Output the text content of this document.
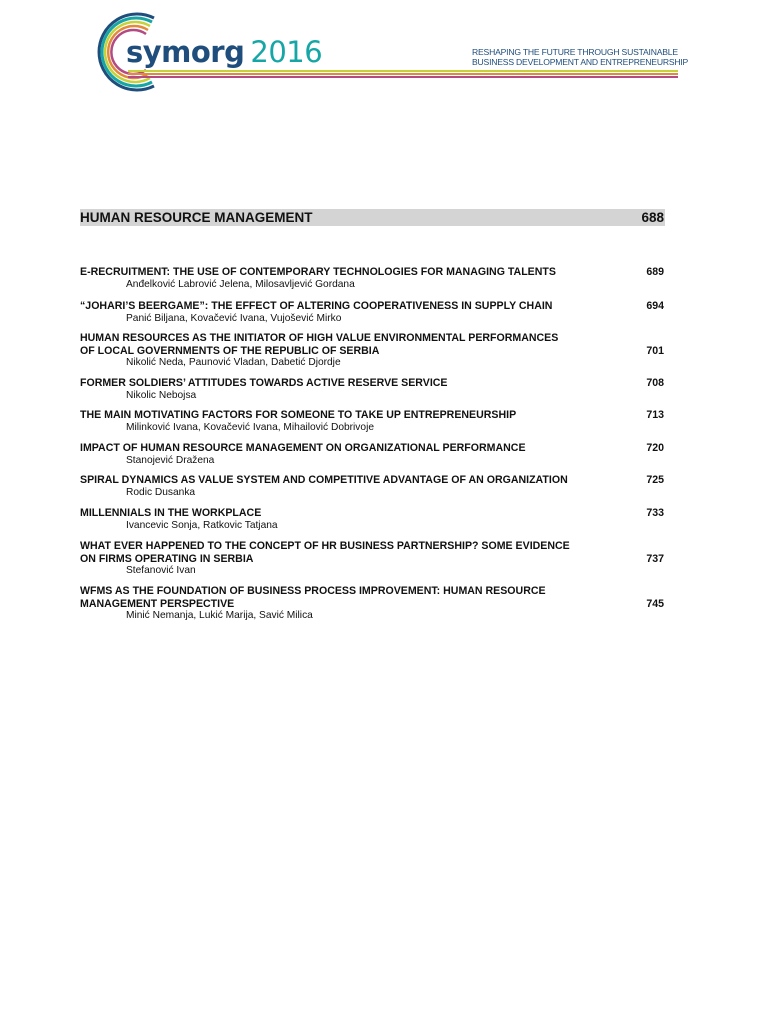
symorg 2016	RESHAPING THE FUTURE THROUGH SUSTAINABLE
BUSINESS DEVELOPMENT AND ENTREPRENEURSHIP
HUMAN RESOURCE MANAGEMENT	688
E-RECRUITMENT: THE USE OF CONTEMPORARY TECHNOLOGIES FOR MANAGING TALENTS
Anđelković Labrović Jelena, Milosavljević Gordana
689
“JOHARI’S BEERGAME”: THE EFFECT OF ALTERING COOPERATIVENESS IN SUPPLY CHAIN
Panić Biljana, Kovačević Ivana, Vujošević Mirko
694
HUMAN RESOURCES AS THE INITIATOR OF HIGH VALUE ENVIRONMENTAL PERFORMANCES
OF LOCAL GOVERNMENTS OF THE REPUBLIC OF SERBIA
Nikolić Neda, Paunović Vladan, Dabetić Djordje
701
FORMER SOLDIERS’ ATTITUDES TOWARDS ACTIVE RESERVE SERVICE
Nikolic Nebojsa
708
THE MAIN MOTIVATING FACTORS FOR SOMEONE TO TAKE UP ENTREPRENEURSHIP
Milinković Ivana, Kovačević Ivana, Mihailović Dobrivoje
713
IMPACT OF HUMAN RESOURCE MANAGEMENT ON ORGANIZATIONAL PERFORMANCE
Stanojević Dražena
720
SPIRAL DYNAMICS AS VALUE SYSTEM AND COMPETITIVE ADVANTAGE OF AN ORGANIZATION
Rodic Dusanka
725
MILLENNIALS IN THE WORKPLACE
Ivancevic Sonja, Ratkovic Tatjana
733
WHAT EVER HAPPENED TO THE CONCEPT OF HR BUSINESS PARTNERSHIP? SOME EVIDENCE
ON FIRMS OPERATING IN SERBIA
Stefanović Ivan
737
WFMS AS THE FOUNDATION OF BUSINESS PROCESS IMPROVEMENT: HUMAN RESOURCE
MANAGEMENT PERSPECTIVE
Minić Nemanja, Lukić Marija, Savić Milica
745
